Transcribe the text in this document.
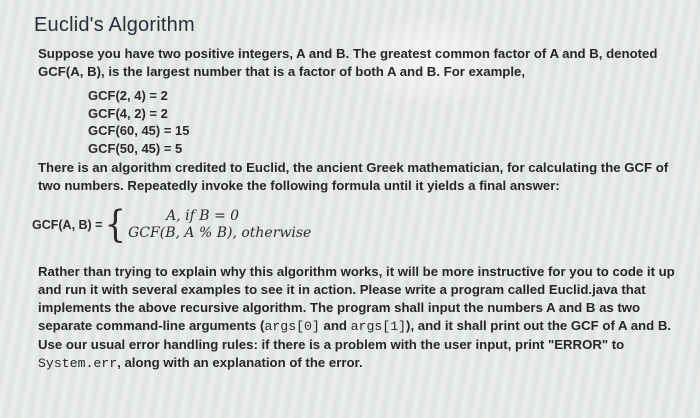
Euclid's Algorithm

Suppose you have two positive integers, A and B. The greatest common factor of A and B, denoted GCF(A, B), is the largest number that is a factor of both A and B. For example,

GCF(2, 4) = 2
GCF(4, 2) = 2
GCF(60, 45) = 15
GCF(50, 45) = 5

There is an algorithm credited to Euclid, the ancient Greek mathematician, for calculating the GCF of two numbers. Repeatedly invoke the following formula until it yields a final answer:

GCF(A, B) = {	A, if B = 0
GCF(B, A % B), otherwise

Rather than trying to explain why this algorithm works, it will be more instructive for you to code it up and run it with several examples to see it in action. Please write a program called Euclid.java that implements the above recursive algorithm. The program shall input the numbers A and B as two separate command-line arguments (args[0] and args[1]), and it shall print out the GCF of A and B. Use our usual error handling rules: if there is a problem with the user input, print "ERROR" to System.err, along with an explanation of the error.
